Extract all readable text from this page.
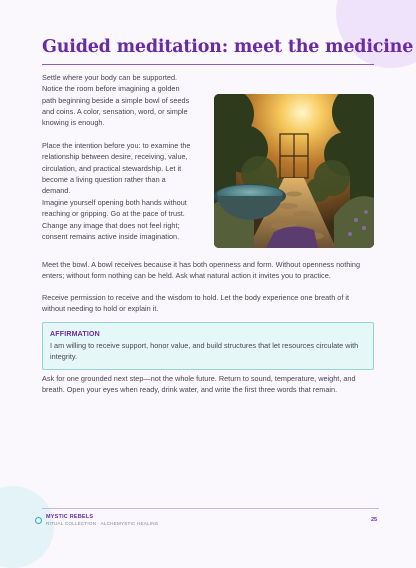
Guided meditation: meet the medicine

Settle where your body can be supported. Notice the room before imagining a golden path beginning beside a simple bowl of seeds and coins. A color, sensation, word, or simple knowing is enough.

Place the intention before you: to examine the relationship between desire, receiving, value, circulation, and practical stewardship. Let it become a living question rather than a demand.

Imagine yourself opening both hands without reaching or gripping. Go at the pace of trust. Change any image that does not feel right; consent remains active inside imagination.

Meet the bowl. A bowl receives because it has both openness and form. Without openness nothing enters; without form nothing can be held. Ask what natural action it invites you to practice.

Receive permission to receive and the wisdom to hold. Let the body experience one breath of it without needing to hold or explain it.

AFFIRMATION

I am willing to receive support, honor value, and build structures that let resources circulate with integrity.

Ask for one grounded next step—not the whole future. Return to sound, temperature, weight, and breath. Open your eyes when ready, drink water, and write the first three words that remain.

MYSTIC REBELS
RITUAL COLLECTION · ALCHEMYSTIC HEALING
25
